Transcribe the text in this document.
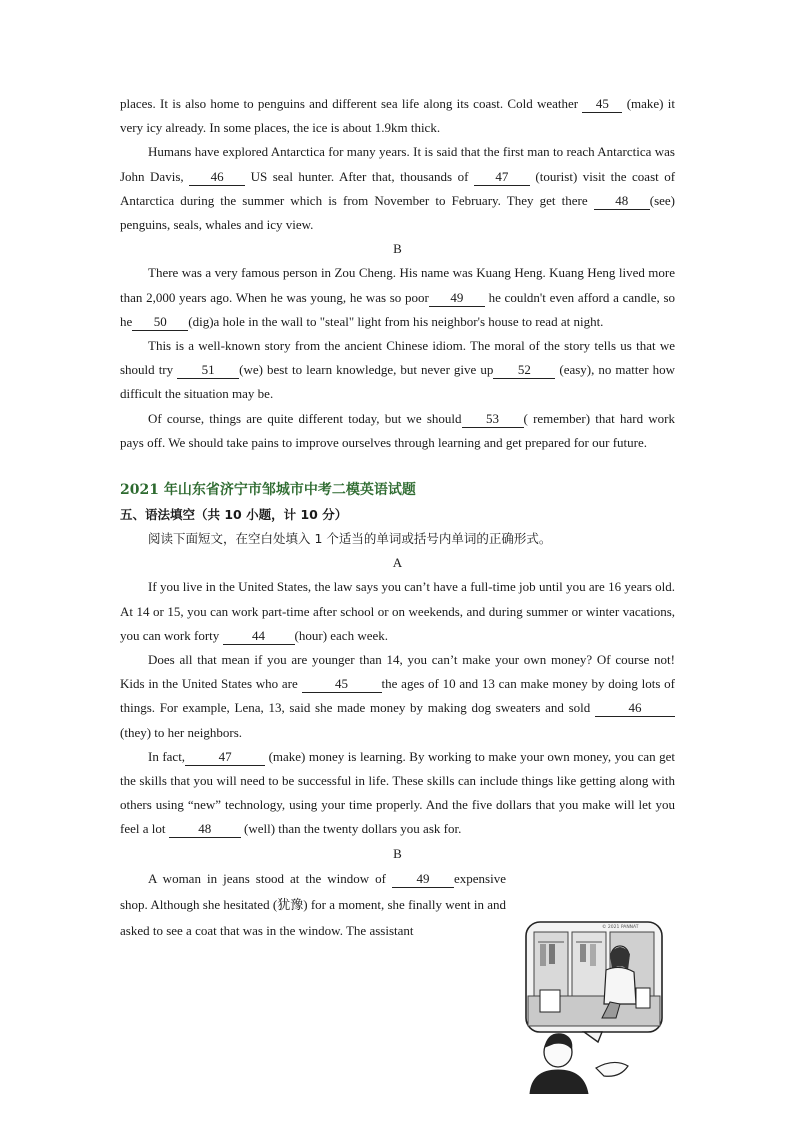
places. It is also home to penguins and different sea life along its coast. Cold weather 45 (make) it very icy already. In some places, the ice is about 1.9km thick.

Humans have explored Antarctica for many years. It is said that the first man to reach Antarctica was John Davis, 46 US seal hunter. After that, thousands of 47 (tourist) visit the coast of Antarctica during the summer which is from November to February. They get there 48 (see) penguins, seals, whales and icy view.

B

There was a very famous person in Zou Cheng. His name was Kuang Heng. Kuang Heng lived more than 2,000 years ago. When he was young, he was so poor 49 he couldn't even afford a candle, so he 50 (dig)a hole in the wall to "steal" light from his neighbor's house to read at night.

This is a well-known story from the ancient Chinese idiom. The moral of the story tells us that we should try 51 (we) best to learn knowledge, but never give up 52 (easy), no matter how difficult the situation may be.

Of course, things are quite different today, but we should 53 ( remember) that hard work pays off. We should take pains to improve ourselves through learning and get prepared for our future.

2021 年山东省济宁市邹城市中考二模英语试题

五、语法填空（共 10 小题，计 10 分）

阅读下面短文，在空白处填入 1 个适当的单词或括号内单词的正确形式。

A

If you live in the United States, the law says you can’t have a full-time job until you are 16 years old. At 14 or 15, you can work part-time after school or on weekends, and during summer or winter vacations, you can work forty	44 (hour) each week.

Does all that mean if you are younger than 14, you can’t make your own money? Of course not! Kids in the United States who are	45	the ages of 10 and 13 can make money by doing lots of things. For example, Lena, 13, said she made money by making dog sweaters and sold	46 (they) to her neighbors.

In fact,	47	(make) money is learning. By working to make your own money, you can get the skills that you will need to be successful in life. These skills can include things like getting along with others using “new” technology, using your time properly. And the five dollars that you make will let you feel a lot	48	(well) than the twenty dollars you ask for.

B

A woman in jeans stood at the window of 49 expensive shop. Although she hesitated (犹豫) for a moment, she finally went in and asked to see a coat that was in the window. The assistant	© 2021 PANNAT
